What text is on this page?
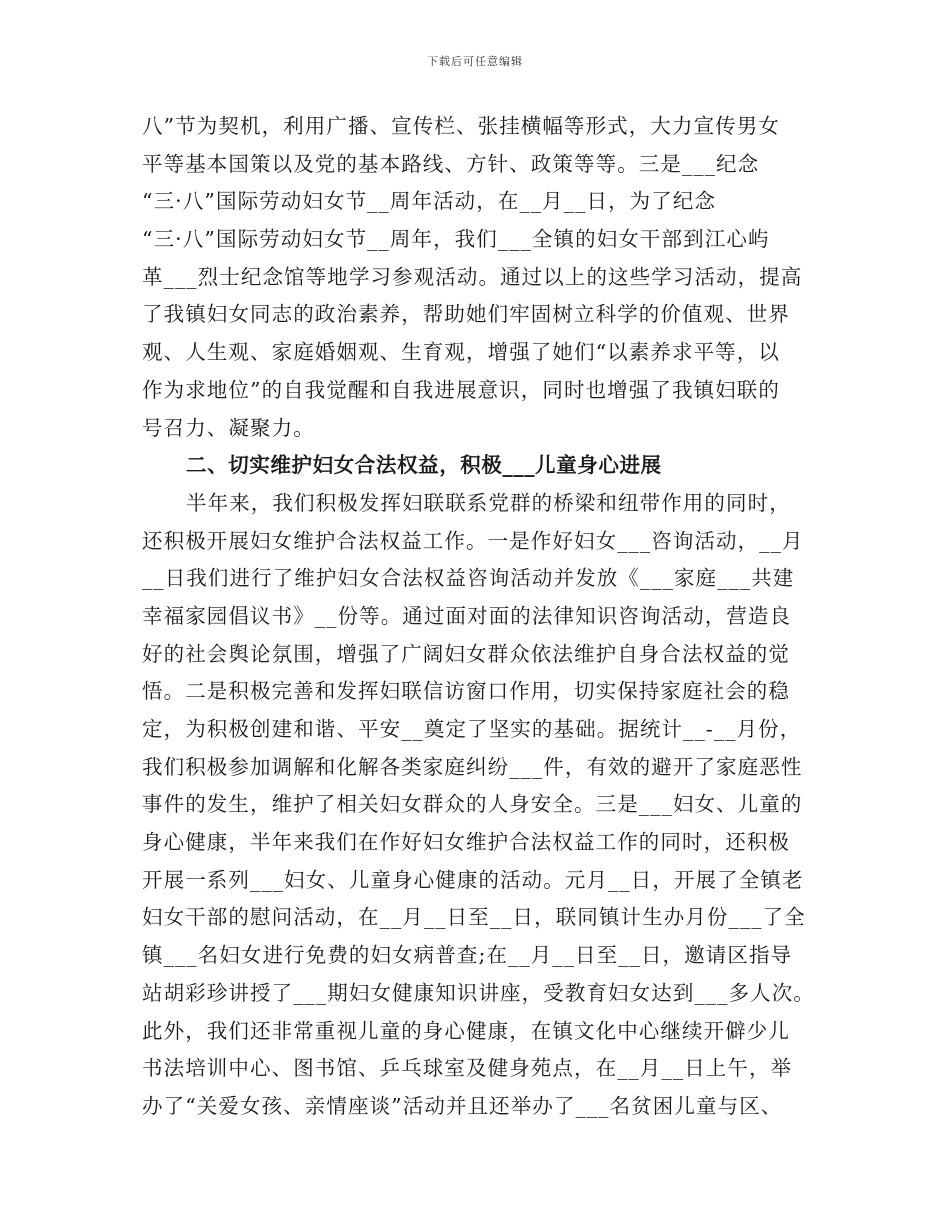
下载后可任意编辑
八”节为契机，利用广播、宣传栏、张挂横幅等形式，大力宣传男女
平等基本国策以及党的基本路线、方针、政策等等。三是___纪念
“三·八”国际劳动妇女节__周年活动，在__月__日，为了纪念
“三·八”国际劳动妇女节__周年，我们___全镇的妇女干部到江心屿
革___烈士纪念馆等地学习参观活动。通过以上的这些学习活动，提高
了我镇妇女同志的政治素养，帮助她们牢固树立科学的价值观、世界
观、人生观、家庭婚姻观、生育观，增强了她们“以素养求平等，以
作为求地位”的自我觉醒和自我进展意识，同时也增强了我镇妇联的
号召力、凝聚力。
二、切实维护妇女合法权益，积极___儿童身心进展
半年来，我们积极发挥妇联联系党群的桥梁和纽带作用的同时，
还积极开展妇女维护合法权益工作。一是作好妇女___咨询活动，__月
__日我们进行了维护妇女合法权益咨询活动并发放《___家庭___共建
幸福家园倡议书》__份等。通过面对面的法律知识咨询活动，营造良
好的社会舆论氛围，增强了广阔妇女群众依法维护自身合法权益的觉
悟。二是积极完善和发挥妇联信访窗口作用，切实保持家庭社会的稳
定，为积极创建和谐、平安__奠定了坚实的基础。据统计__-__月份，
我们积极参加调解和化解各类家庭纠纷___件，有效的避开了家庭恶性
事件的发生，维护了相关妇女群众的人身安全。三是___妇女、儿童的
身心健康，半年来我们在作好妇女维护合法权益工作的同时，还积极
开展一系列___妇女、儿童身心健康的活动。元月__日，开展了全镇老
妇女干部的慰问活动，在__月__日至__日，联同镇计生办月份___了全
镇___名妇女进行免费的妇女病普查;在__月__日至__日，邀请区指导
站胡彩珍讲授了___期妇女健康知识讲座，受教育妇女达到___多人次。
此外，我们还非常重视儿童的身心健康，在镇文化中心继续开僻少儿
书法培训中心、图书馆、乒乓球室及健身苑点，在__月__日上午，举
办了“关爱女孩、亲情座谈”活动并且还举办了___名贫困儿童与区、
